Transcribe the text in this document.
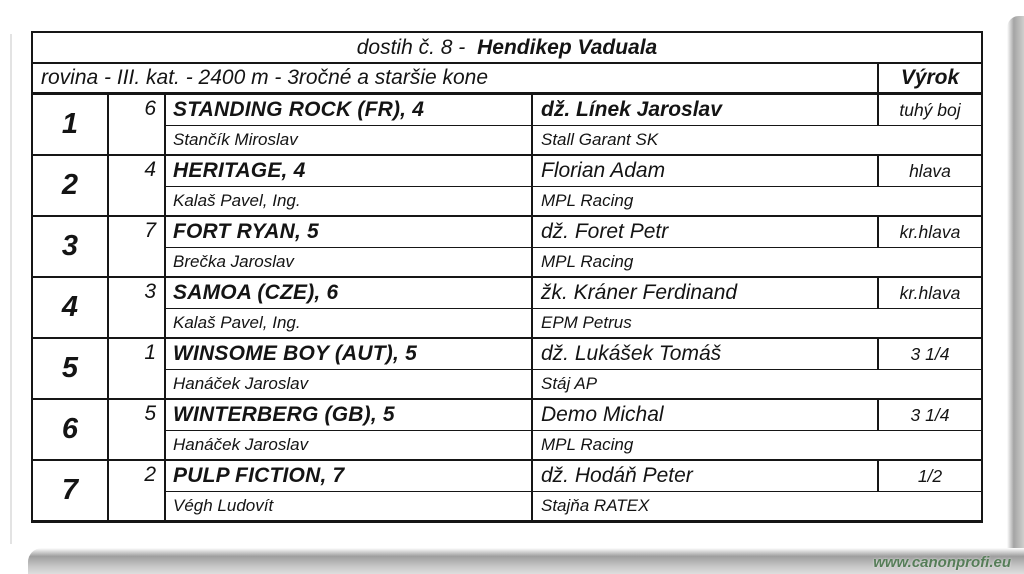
dostih č. 8 - Hendikep Vaduala
rovina - III. kat. - 2400 m - 3ročné a staršie kone	Výrok
1	6 STANDING ROCK (FR), 4	dž. Línek Jaroslav	tuhý boj
Stančík Miroslav	Stall Garant SK
2	4 HERITAGE, 4	Florian Adam	hlava
Kalaš Pavel, Ing.	MPL Racing
3	7 FORT RYAN, 5	dž. Foret Petr	kr.hlava
Brečka Jaroslav	MPL Racing
4	3 SAMOA (CZE), 6	žk. Kráner Ferdinand	kr.hlava
Kalaš Pavel, Ing.	EPM Petrus
5	1 WINSOME BOY (AUT), 5	dž. Lukášek Tomáš	3 1/4
Hanáček Jaroslav	Stáj AP
6	5 WINTERBERG (GB), 5	Demo Michal	3 1/4
Hanáček Jaroslav	MPL Racing
7	2 PULP FICTION, 7	dž. Hodáň Peter	1/2
Végh Ludovít	Stajňa RATEX
www.canonprofi.eu
